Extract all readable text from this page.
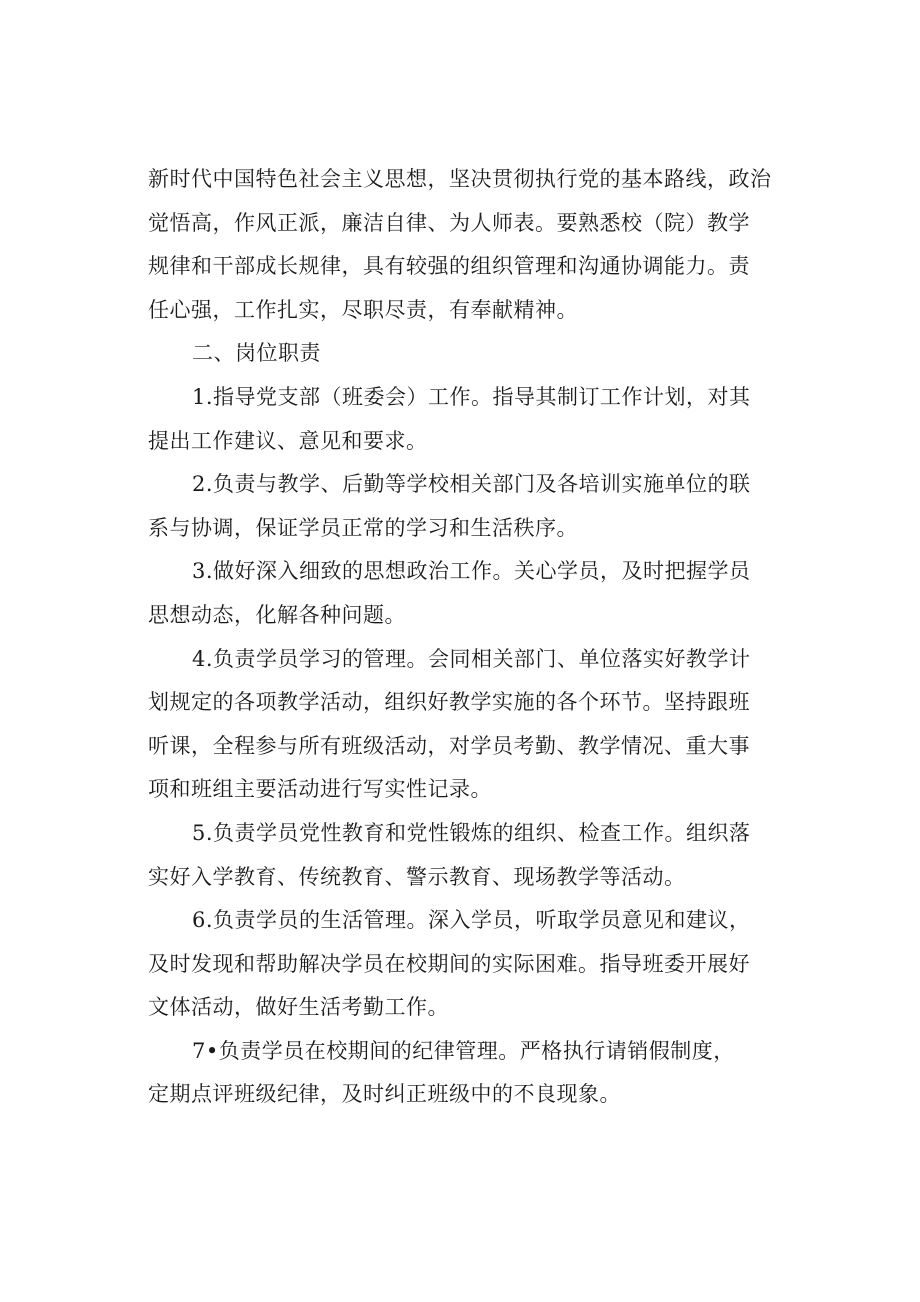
新时代中国特色社会主义思想，坚决贯彻执行党的基本路线，政治
觉悟高，作风正派，廉洁自律、为人师表。要熟悉校（院）教学
规律和干部成长规律，具有较强的组织管理和沟通协调能力。责
任心强，工作扎实，尽职尽责，有奉献精神。

二、岗位职责

1.指导党支部（班委会）工作。指导其制订工作计划，对其
提出工作建议、意见和要求。

2.负责与教学、后勤等学校相关部门及各培训实施单位的联
系与协调，保证学员正常的学习和生活秩序。

3.做好深入细致的思想政治工作。关心学员，及时把握学员
思想动态，化解各种问题。

4.负责学员学习的管理。会同相关部门、单位落实好教学计
划规定的各项教学活动，组织好教学实施的各个环节。坚持跟班
听课，全程参与所有班级活动，对学员考勤、教学情况、重大事
项和班组主要活动进行写实性记录。

5.负责学员党性教育和党性锻炼的组织、检查工作。组织落
实好入学教育、传统教育、警示教育、现场教学等活动。

6.负责学员的生活管理。深入学员，听取学员意见和建议，
及时发现和帮助解决学员在校期间的实际困难。指导班委开展好
文体活动，做好生活考勤工作。

7•负责学员在校期间的纪律管理。严格执行请销假制度，
定期点评班级纪律，及时纠正班级中的不良现象。
